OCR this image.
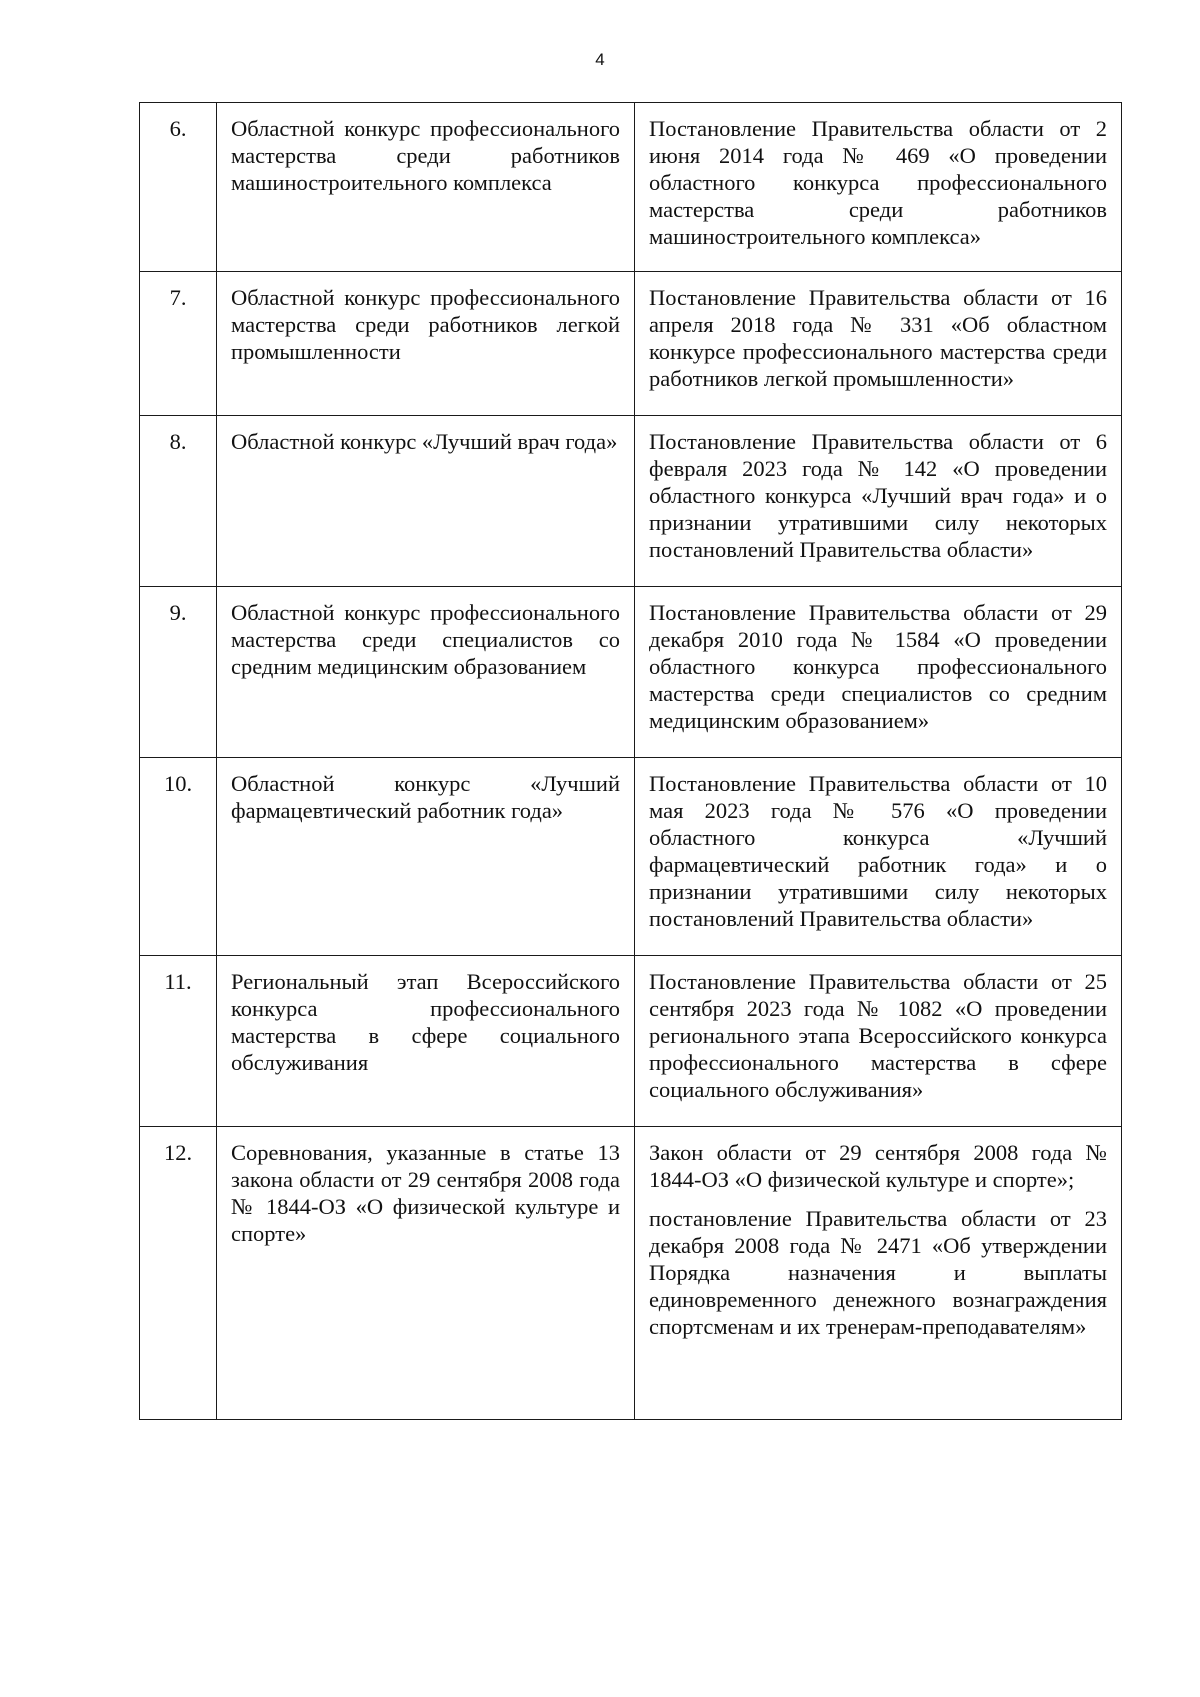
4
6.	Областной конкурс профессионального мастерства среди работников машиностроительного комплекса	Постановление Правительства области от 2 июня 2014 года № 469 «О проведении областного конкурса профессионального мастерства среди работников машиностроительного комплекса»

7.	Областной конкурс профессионального мастерства среди работников легкой промышленности	Постановление Правительства области от 16 апреля 2018 года № 331 «Об областном конкурсе профессионального мастерства среди работников легкой промышленности»

8.	Областной конкурс «Лучший врач года»	Постановление Правительства области от 6 февраля 2023 года № 142 «О проведении областного конкурса «Лучший врач года» и о признании утратившими силу некоторых постановлений Правительства области»

9.	Областной конкурс профессионального мастерства среди специалистов со средним медицинским образованием	Постановление Правительства области от 29 декабря 2010 года № 1584 «О проведении областного конкурса профессионального мастерства среди специалистов со средним медицинским образованием»

10.	Областной конкурс «Лучший фармацевтический работник года»	Постановление Правительства области от 10 мая 2023 года № 576 «О проведении областного конкурса «Лучший фармацевтический работник года» и о признании утратившими силу некоторых постановлений Правительства области»

11.	Региональный этап Всероссийского конкурса профессионального мастерства в сфере социального обслуживания	Постановление Правительства области от 25 сентября 2023 года № 1082 «О проведении регионального этапа Всероссийского конкурса профессионального мастерства в сфере социального обслуживания»

12.	Соревнования, указанные в статье 13 закона области от 29 сентября 2008 года № 1844-ОЗ «О физической культуре и спорте»	Закон области от 29 сентября 2008 года № 1844-ОЗ «О физической культуре и спорте»;

постановление Правительства области от 23 декабря 2008 года № 2471 «Об утверждении Порядка назначения и выплаты единовременного денежного вознаграждения спортсменам и их тренерам-преподавателям»
